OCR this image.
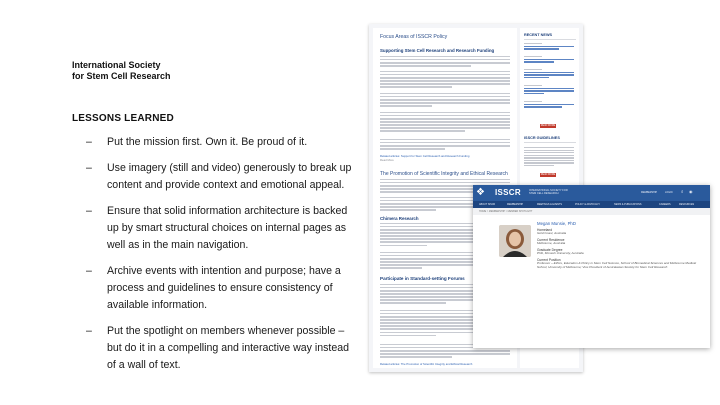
International Society
for Stem Cell Research
LESSONS LEARNED
– Put the mission first. Own it. Be proud of it.
– Use imagery (still and video) generously to break up content and provide context and emotional appeal.
– Ensure that solid information architecture is backed up by smart structural choices on internal pages as well as in the main navigation.
– Archive events with intention and purpose; have a process and guidelines to ensure consistency of available information.
– Put the spotlight on members whenever possible – but do it in a compelling and interactive way instead of a wall of text.
Focus Areas of ISSCR Policy
Supporting Stem Cell Research and Research Funding
Related articles: Support for Stem Cell Research and Research Funding
Read More
The Promotion of Scientific Integrity and Ethical Research
Chimera Research
Participate in Standard-setting Forums
Related articles: The Promotion of Scientific Integrity and Ethical Research
RECENT NEWS
READ MORE
ISSCR GUIDELINES
READ MORE
❖ ISSCR	INTERNATIONAL SOCIETY FOR STEM CELL RESEARCH	MEMBERSHIP	LOGIN ⌕ ◉
ABOUT ISSCR	MEMBERSHIP	MEETINGS & EVENTS	POLICY & ADVOCACY	NEWS & PUBLICATIONS	CAREERS	RESOURCES
HOME > MEMBERSHIP > MEMBER SPOTLIGHT
Megan Munsie, PhD
Homeland
Gold Coast, Australia
Current Residence
Melbourne, Australia
Graduate Degree
PhD, Monash University, Australia
Current Position
Professor – Ethics, Education & Policy in Stem Cell Science, School of Biomedical Sciences and Melbourne Medical School, University of Melbourne; Vice President of Australasian Society for Stem Cell Research
